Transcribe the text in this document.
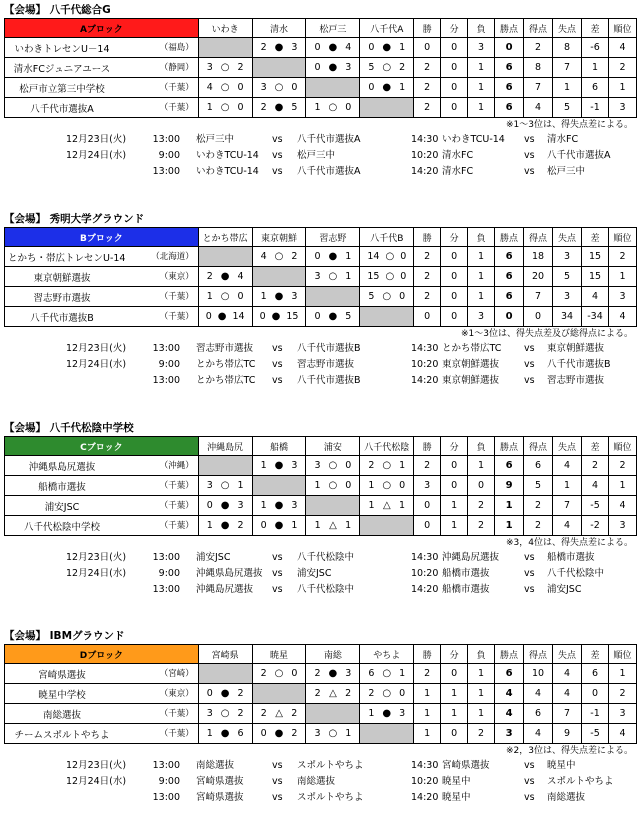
【会場】 八千代総合G
Aブロック	いわき	清水	松戸三	八千代A	勝	分	負	勝点	得点	失点	差	順位
いわきトレセンU－14 （福島）		2 ● 3	0 ● 4	0 ● 1	0	0	3	0	2	8	-6	4
清水FCジュニアユース （静岡）	3 ○ 2		0 ● 3	5 ○ 2	2	0	1	6	8	7	1	2
松戸市立第三中学校 （千葉）	4 ○ 0	3 ○ 0		0 ● 1	2	0	1	6	7	1	6	1
八千代市選抜A （千葉）	1 ○ 0	2 ● 5	1 ○ 0		2	0	1	6	4	5	-1	3
※1～3位は、得失点差による。
12月23日(火)	13:00 松戸三中	vs 八千代市選抜A	14:30 いわきTCU-14 vs 清水FC
12月24日(水)	9:00 いわきTCU-14 vs 松戸三中	10:20 清水FC	vs 八千代市選抜A
13:00 いわきTCU-14 vs 八千代市選抜A	14:20 清水FC	vs 松戸三中
【会場】 秀明大学グラウンド
Bブロック	とかち帯広	東京朝鮮	習志野	八千代B	勝	分	負	勝点	得点	失点	差	順位
とかち・帯広トレセンU-14 （北海道）		4 ○ 2	0 ● 1	14 ○ 0	2	0	1	6	18	3	15	2
東京朝鮮選抜 （東京）	2 ● 4		3 ○ 1	15 ○ 0	2	0	1	6	20	5	15	1
習志野市選抜 （千葉）	1 ○ 0	1 ● 3		5 ○ 0	2	0	1	6	7	3	4	3
八千代市選抜B （千葉）	0 ● 14	0 ● 15	0 ● 5		0	0	3	0	0	34	-34	4
※1～3位は、得失点差及び総得点による。
12月23日(火)	13:00 習志野市選抜 vs 八千代市選抜B	14:30 とかち帯広TC vs 東京朝鮮選抜
12月24日(水)	9:00 とかち帯広TC vs 習志野市選抜	10:20 東京朝鮮選抜	vs 八千代市選抜B
13:00 とかち帯広TC vs 八千代市選抜B	14:20 東京朝鮮選抜	vs 習志野市選抜
【会場】 八千代松陰中学校
Cブロック	沖縄島尻	船橋	浦安	八千代松陰	勝	分	負	勝点	得点	失点	差	順位
沖縄県島尻選抜 （沖縄）		1 ● 3	3 ○ 0	2 ○ 1	2	0	1	6	6	4	2	2
船橋市選抜 （千葉）	3 ○ 1		1 ○ 0	1 ○ 0	3	0	0	9	5	1	4	1
浦安JSC （千葉）	0 ● 3	1 ● 3		1 △ 1	0	1	2	1	2	7	-5	4
八千代松陰中学校 （千葉）	1 ● 2	0 ● 1	1 △ 1		0	1	2	1	2	4	-2	3
※3，4位は、得失点差による。
12月23日(火)	13:00 浦安JSC	vs 八千代松陰中	14:30 沖縄島尻選抜	vs 船橋市選抜
12月24日(水)	9:00 沖縄県島尻選抜 vs 浦安JSC	10:20 船橋市選抜	vs 八千代松陰中
13:00 沖縄島尻選抜 vs 八千代松陰中	14:20 船橋市選抜	vs 浦安JSC
【会場】 IBMグラウンド
Dブロック	宮崎県	暁星	南総	やちよ	勝	分	負	勝点	得点	失点	差	順位
宮崎県選抜 （宮崎）		2 ○ 0	2 ● 3	6 ○ 1	2	0	1	6	10	4	6	1
暁星中学校 （東京）	0 ● 2		2 △ 2	2 ○ 0	1	1	1	4	4	4	0	2
南総選抜 （千葉）	3 ○ 2	2 △ 2		1 ● 3	1	1	1	4	6	7	-1	3
チームスポルトやちよ （千葉）	1 ● 6	0 ● 2	3 ○ 1		1	0	2	3	4	9	-5	4
※2，3位は、得失点差による。
12月23日(火)	13:00 南総選抜	vs スポルトやちよ	14:30 宮崎県選抜	vs 暁星中
12月24日(水)	9:00 宮崎県選抜	vs 南総選抜	10:20 暁星中	vs スポルトやちよ
13:00 宮崎県選抜	vs スポルトやちよ	14:20 暁星中	vs 南総選抜
